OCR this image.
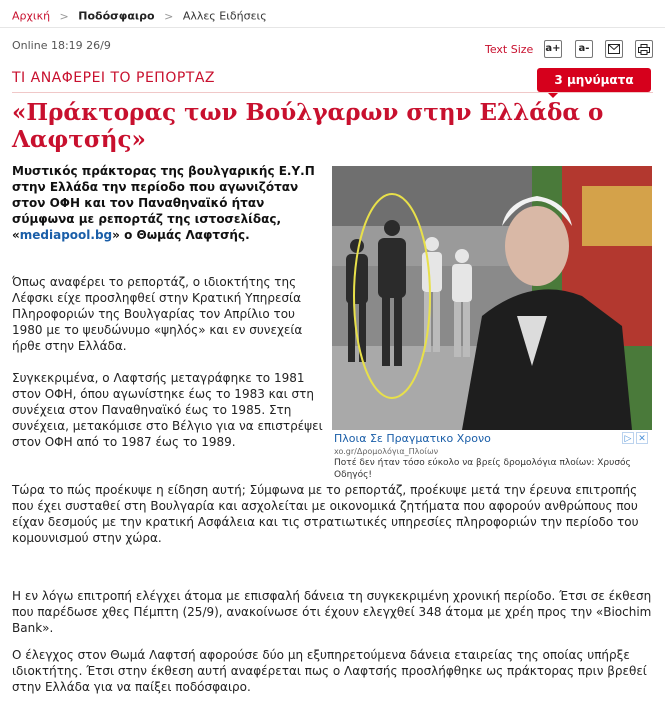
Αρχική > Ποδόσφαιρο > Αλλες Ειδήσεις
Online 18:19 26/9	Text Size a+	a-
ΤΙ ΑΝΑΦΕΡΕΙ ΤΟ ΡΕΠΟΡΤΑΖ	3 μηνύματα
«Πράκτορας των Βούλγαρων στην Ελλάδα ο Λαφτσής»
Μυστικός πράκτορας της βουλγαρικής Ε.Υ.Π στην Ελλάδα την περίοδο που αγωνιζόταν στον ΟΦΗ και τον Παναθηναϊκό ήταν σύμφωνα με ρεπορτάζ της ιστοσελίδας, «mediapool.bg» ο Θωμάς Λαφτσής.
Πλοια Σε Πραγματικο Χρονο
xo.gr/Δρομολόγια_Πλοίων
Ποτέ δεν ήταν τόσο εύκολο να βρείς δρομολόγια πλοίων: Χρυσός Οδηγός!
▷ ✕
Όπως αναφέρει το ρεπορτάζ, ο ιδιοκτήτης της Λέφσκι είχε προσληφθεί στην Κρατική Υπηρεσία Πληροφοριών της Βουλγαρίας τον Απρίλιο του 1980 με το ψευδώνυμο «ψηλός» και εν συνεχεία ήρθε στην Ελλάδα.
Συγκεκριμένα, ο Λαφτσής μεταγράφηκε το 1981 στον ΟΦΗ, όπου αγωνίστηκε έως το 1983 και στη συνέχεια στον Παναθηναϊκό έως το 1985. Στη συνέχεια, μετακόμισε στο Βέλγιο για να επιστρέψει στον ΟΦΗ από το 1987 έως το 1989.
Τώρα το πώς προέκυψε η είδηση αυτή; Σύμφωνα με το ρεπορτάζ, προέκυψε μετά την έρευνα επιτροπής που έχει συσταθεί στη Βουλγαρία και ασχολείται με οικονομικά ζητήματα που αφορούν ανθρώπους που είχαν δεσμούς με την κρατική Ασφάλεια και τις στρατιωτικές υπηρεσίες πληροφοριών την περίοδο του κομουνισμού στην χώρα.
Η εν λόγω επιτροπή ελέγχει άτομα με επισφαλή δάνεια τη συγκεκριμένη χρονική περίοδο. Έτσι σε έκθεση που παρέδωσε χθες Πέμπτη (25/9), ανακοίνωσε ότι έχουν ελεγχθεί 348 άτομα με χρέη προς την «Biochim Bank».
Ο έλεγχος στον Θωμά Λαφτσή αφορούσε δύο μη εξυπηρετούμενα δάνεια εταιρείας της οποίας υπήρξε ιδιοκτήτης. Έτσι στην έκθεση αυτή αναφέρεται πως ο Λαφτσής προσλήφθηκε ως πράκτορας πριν βρεθεί στην Ελλάδα για να παίξει ποδόσφαιρο.
